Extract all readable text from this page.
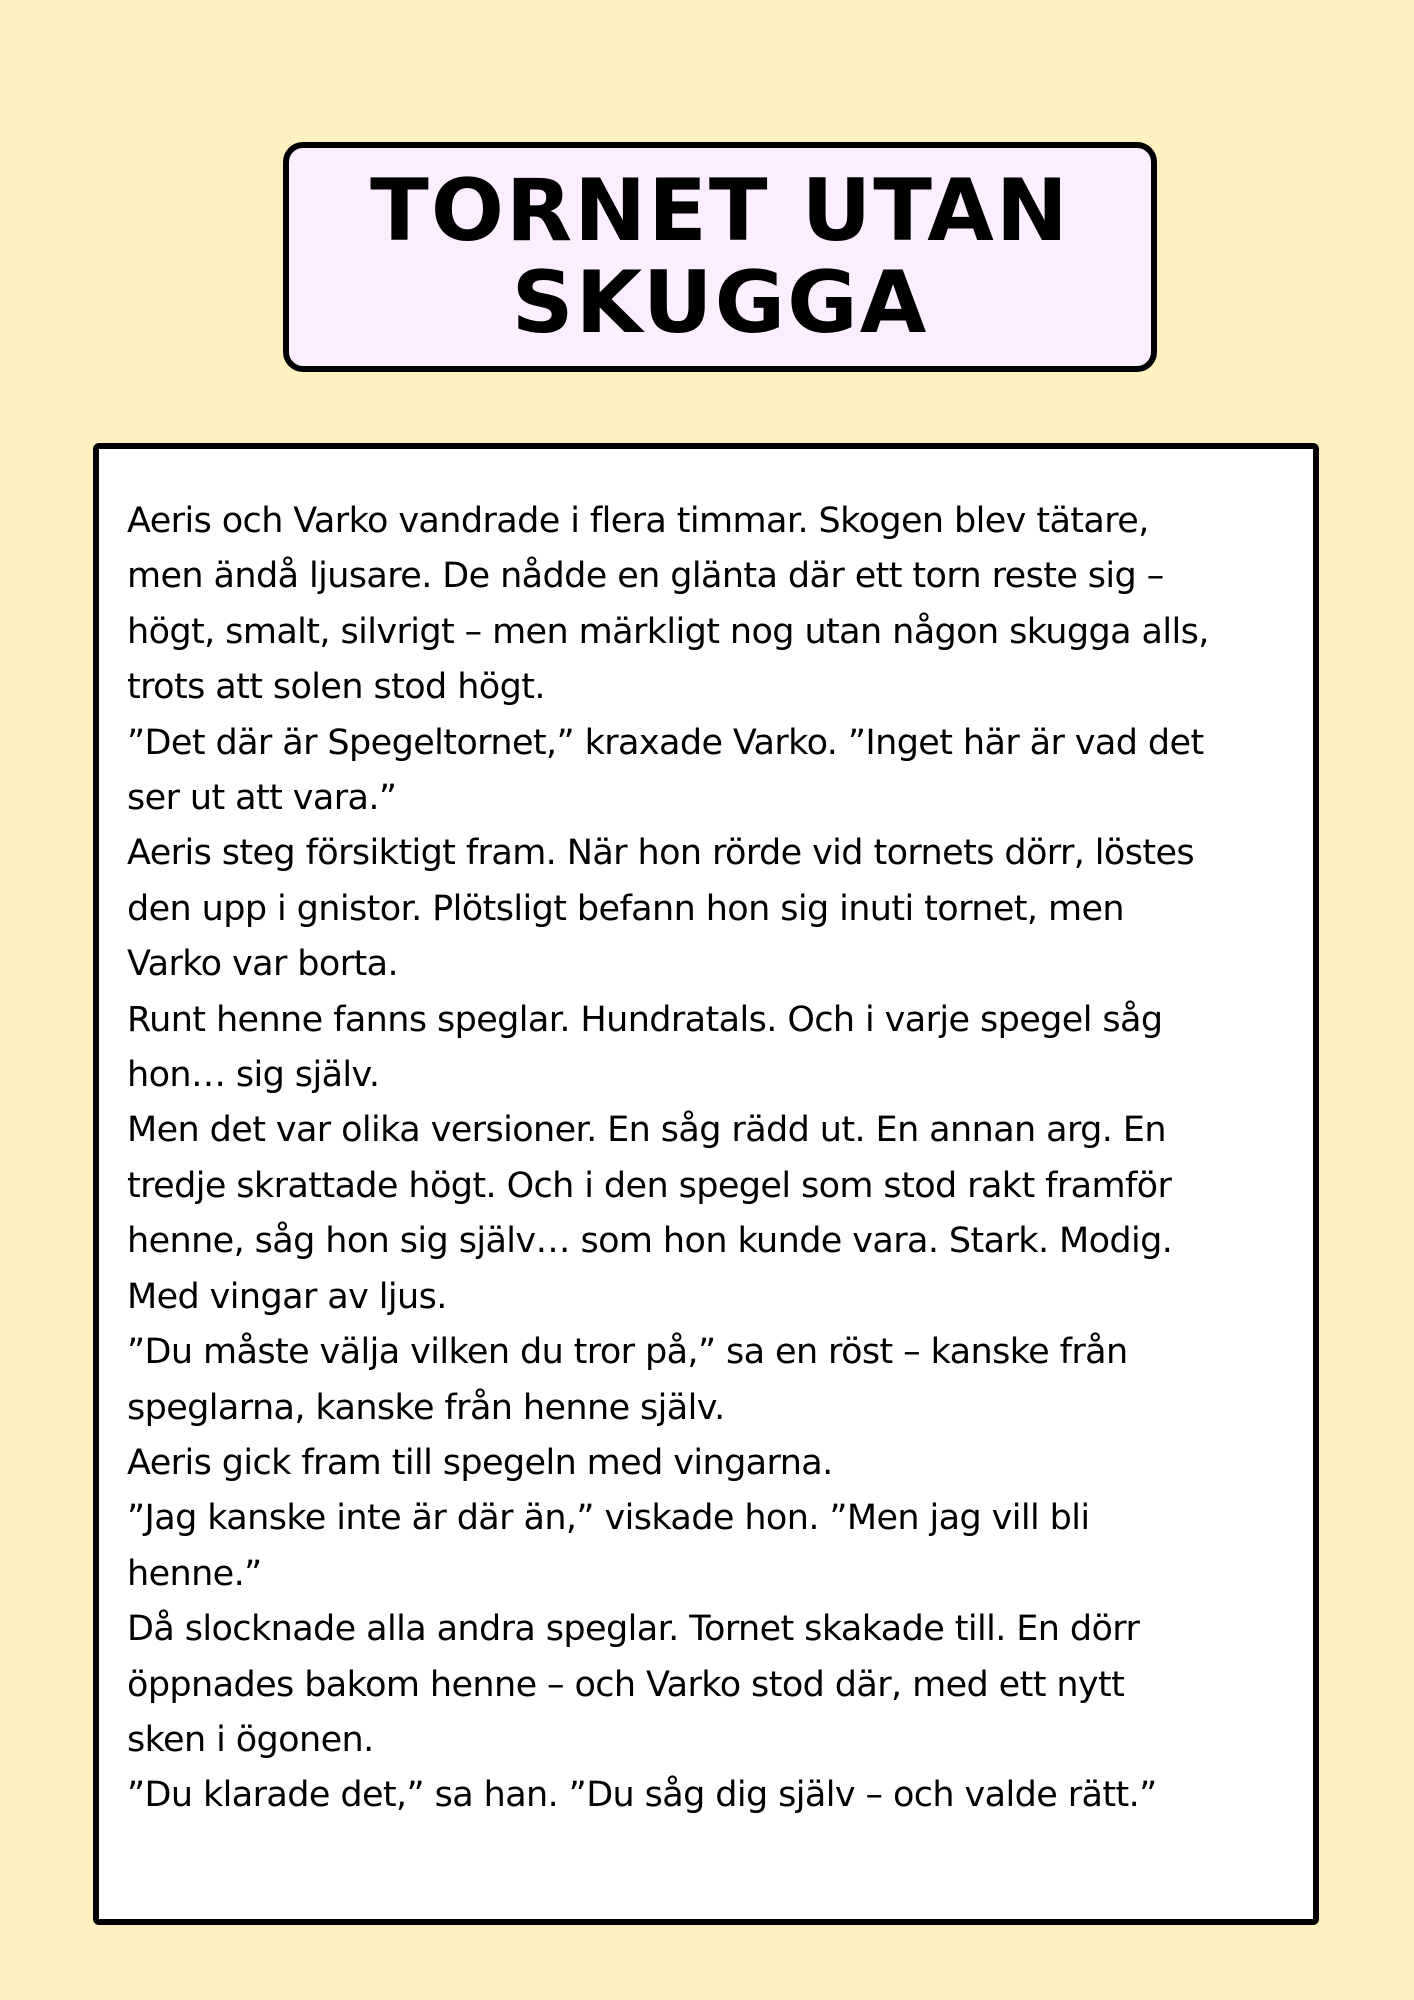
TORNET UTAN
SKUGGA
Aeris och Varko vandrade i flera timmar. Skogen blev tätare,
men ändå ljusare. De nådde en glänta där ett torn reste sig –
högt, smalt, silvrigt – men märkligt nog utan någon skugga alls,
trots att solen stod högt.
”Det där är Spegeltornet,” kraxade Varko. ”Inget här är vad det
ser ut att vara.”
Aeris steg försiktigt fram. När hon rörde vid tornets dörr, löstes
den upp i gnistor. Plötsligt befann hon sig inuti tornet, men
Varko var borta.
Runt henne fanns speglar. Hundratals. Och i varje spegel såg
hon… sig själv.
Men det var olika versioner. En såg rädd ut. En annan arg. En
tredje skrattade högt. Och i den spegel som stod rakt framför
henne, såg hon sig själv… som hon kunde vara. Stark. Modig.
Med vingar av ljus.
”Du måste välja vilken du tror på,” sa en röst – kanske från
speglarna, kanske från henne själv.
Aeris gick fram till spegeln med vingarna.
”Jag kanske inte är där än,” viskade hon. ”Men jag vill bli
henne.”
Då slocknade alla andra speglar. Tornet skakade till. En dörr
öppnades bakom henne – och Varko stod där, med ett nytt
sken i ögonen.
”Du klarade det,” sa han. ”Du såg dig själv – och valde rätt.”
